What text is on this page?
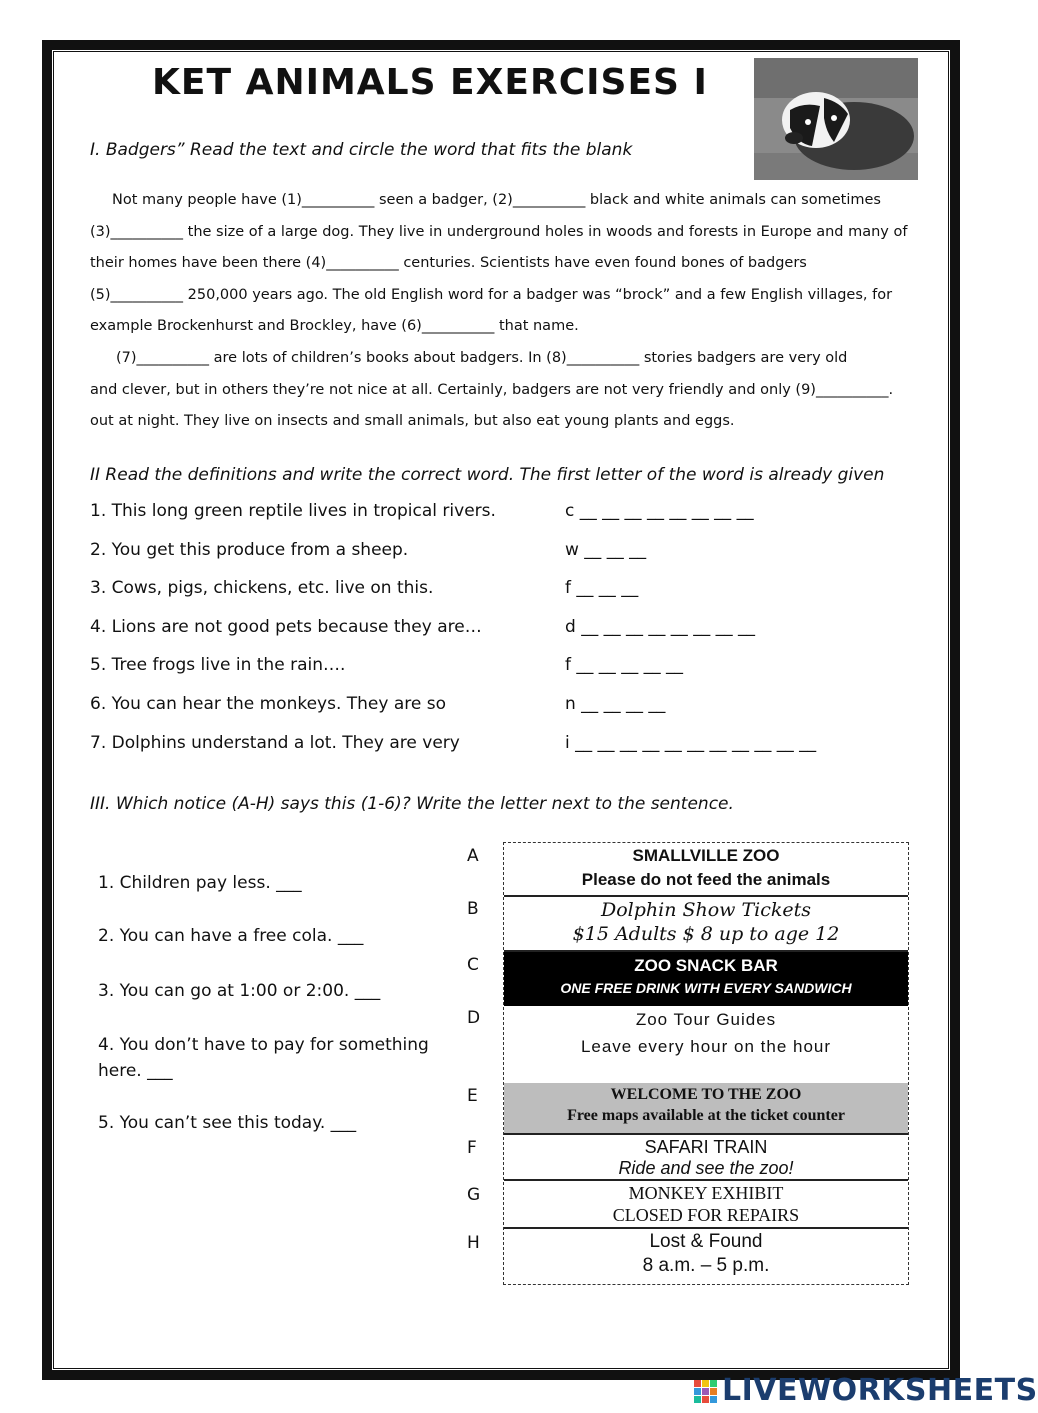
KET ANIMALS EXERCISES I
I. Badgers” Read the text and circle the word that fits the blank

Not many people have (1)__________ seen a badger, (2)__________ black and white animals can sometimes

(3)__________ the size of a large dog. They live in underground holes in woods and forests in Europe and many of

their homes have been there (4)__________ centuries. Scientists have even found bones of badgers

(5)__________ 250,000 years ago. The old English word for a badger was “brock” and a few English villages, for

example Brockenhurst and Brockley, have (6)__________ that name.

(7)__________ are lots of children’s books about badgers. In (8)__________ stories badgers are very old

and clever, but in others they’re not nice at all. Certainly, badgers are not very friendly and only (9)__________.

out at night. They live on insects and small animals, but also eat young plants and eggs.

II Read the definitions and write the correct word. The first letter of the word is already given
1. This long green reptile lives in tropical rivers.	c __ __ __ __ __ __ __ __
2. You get this produce from a sheep.	w __ __ __
3. Cows, pigs, chickens, etc. live on this.	f __ __ __
4. Lions are not good pets because they are…	d __ __ __ __ __ __ __ __
5. Tree frogs live in the rain….	f __ __ __ __ __
6. You can hear the monkeys. They are so	n __ __ __ __
7. Dolphins understand a lot. They are very	i __ __ __ __ __ __ __ __ __ __ __
III. Which notice (A-H) says this (1-6)? Write the letter next to the sentence.
1. Children pay less. ___
2. You can have a free cola. ___
3. You can go at 1:00 or 2:00. ___
4. You don’t have to pay for something here. ___
5. You can’t see this today. ___
A
B
C
D
E
F
G
H
SMALLVILLE ZOO
Please do not feed the animals
Dolphin Show Tickets
$15 Adults $ 8 up to age 12
ZOO SNACK BAR
ONE FREE DRINK WITH EVERY SANDWICH
Zoo Tour Guides
Leave every hour on the hour
WELCOME TO THE ZOO
Free maps available at the ticket counter
SAFARI TRAIN
Ride and see the zoo!
MONKEY EXHIBIT
CLOSED FOR REPAIRS
Lost & Found
8 a.m. – 5 p.m.
LIVEWORKSHEETS
